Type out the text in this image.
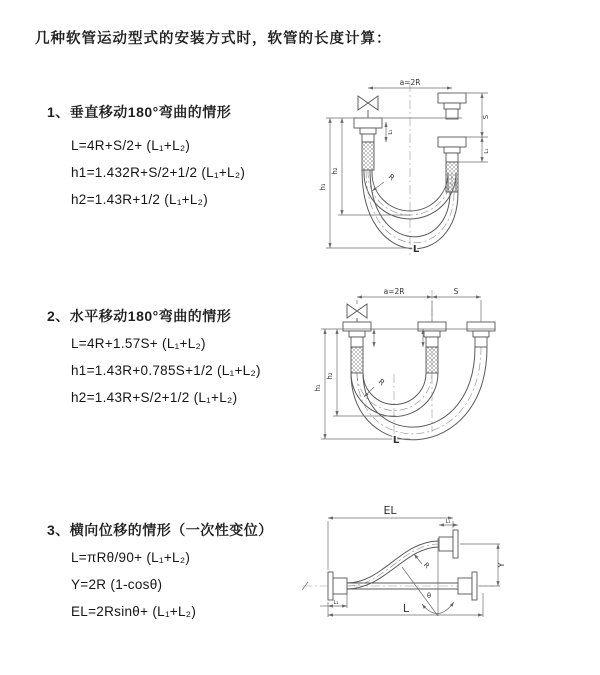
几种软管运动型式的安装方式时，软管的长度计算：
1、垂直移动180°弯曲的情形
L=4R+S/2+ (L₁+L₂)
h1=1.432R+S/2+1/2 (L₁+L₂)
h2=1.43R+1/2 (L₁+L₂)
a=2R
h₁
h₂
L₁
S
L₁
R
L
2、水平移动180°弯曲的情形
L=4R+1.57S+ (L₁+L₂)
h1=1.43R+0.785S+1/2 (L₁+L₂)
h2=1.43R+S/2+1/2 (L₁+L₂)
a=2R	S
h₁
h₂
R
L
3、横向位移的情形（一次性变位）
L=πRθ/90+ (L₁+L₂)
Y=2R (1-cosθ)
EL=2Rsinθ+ (L₁+L₂)
EL
L₁
Y
L
L₁
R
θ
